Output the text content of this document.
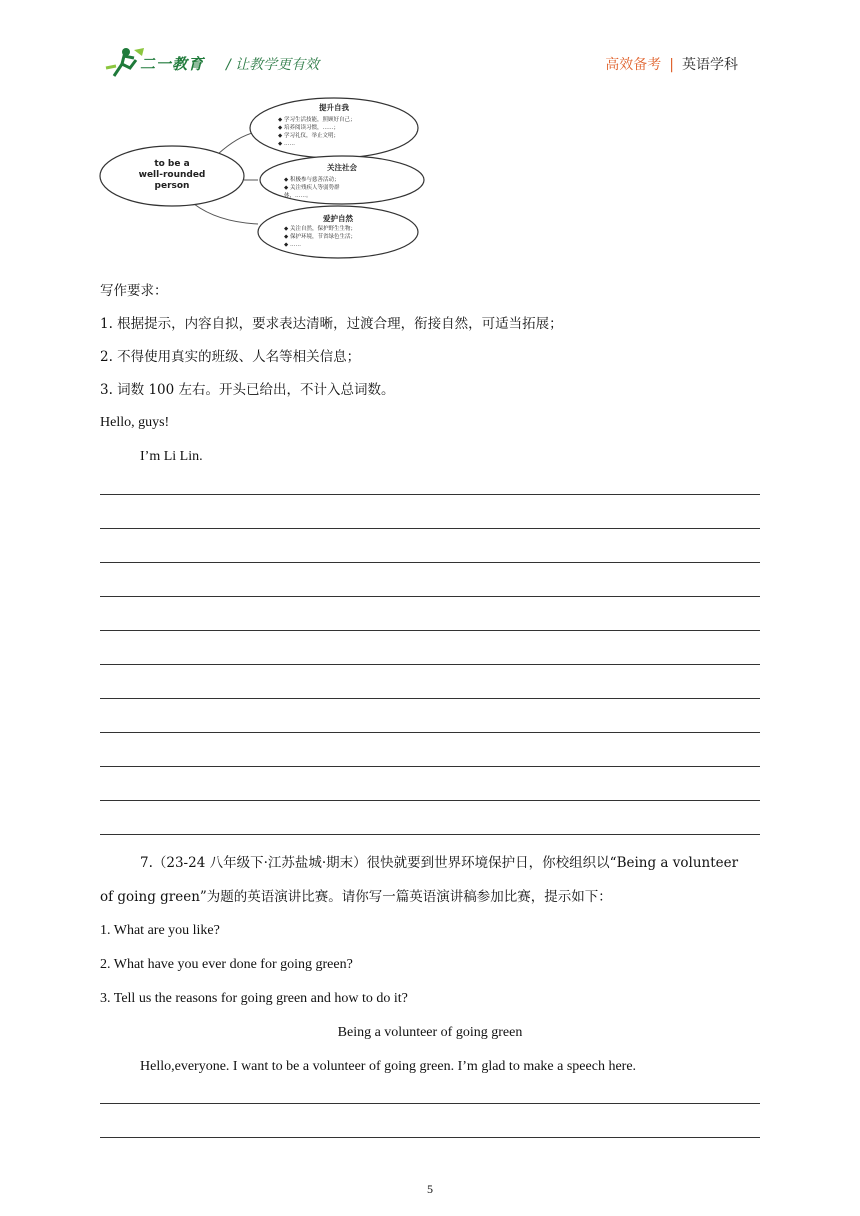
二一教育 / 让教学更有效	高效备考 | 英语学科
to be a
well-rounded
person
提升自我
◆ 学习生活技能，照顾好自己；
◆ 培养阅读习惯，……；
◆ 学习礼仪，举止文明；
◆ ……
关注社会
◆ 积极参与慈善活动；
◆ 关注残疾人等弱势群
体，……。
爱护自然
◆ 关注自然，保护野生生物；
◆ 保护环境，节省绿色生活；
◆ ……
写作要求：
1. 根据提示，内容自拟，要求表达清晰，过渡合理，衔接自然，可适当拓展；
2. 不得使用真实的班级、人名等相关信息；
3. 词数 100 左右。开头已给出，不计入总词数。
Hello, guys!
I’m Li Lin.
7.（23-24 八年级下·江苏盐城·期末）很快就要到世界环境保护日，你校组织以“Being a volunteer
of going green”为题的英语演讲比赛。请你写一篇英语演讲稿参加比赛，提示如下：
1. What are you like?
2. What have you ever done for going green?
3. Tell us the reasons for going green and how to do it?
Being a volunteer of going green
Hello,everyone. I want to be a volunteer of going green. I’m glad to make a speech here.
5
